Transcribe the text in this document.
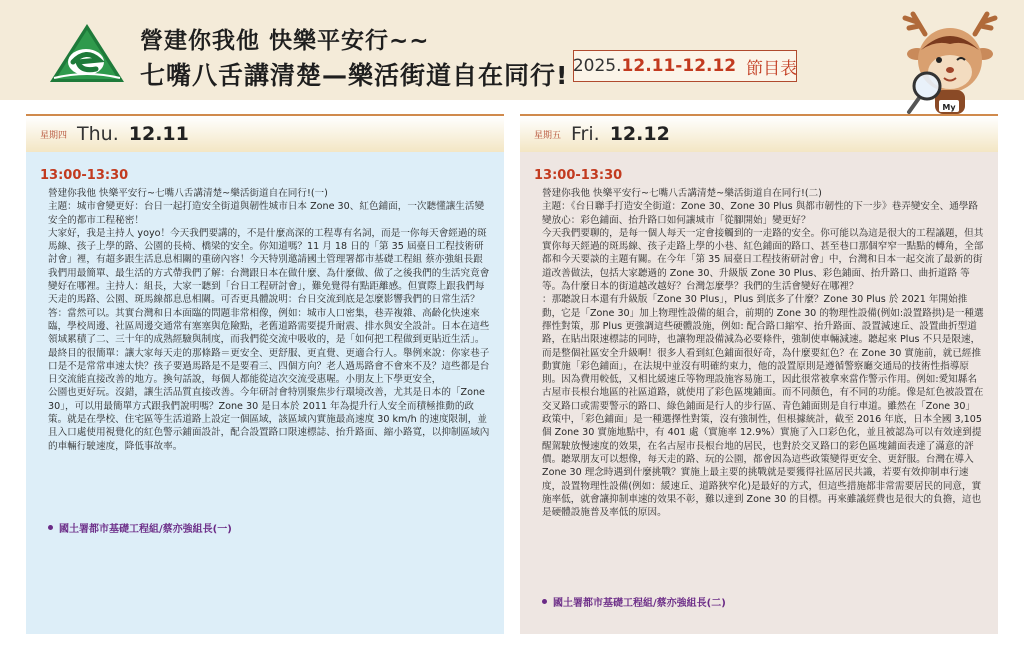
營建你我他 快樂平安行~~
七嘴八舌講清楚—樂活街道自在同行! 2025. 12.11-12.12 節目表
My
星期四 Thu. 12.11
13:00-13:30

營建你我他 快樂平安行~七嘴八舌講清楚~樂活街道自在同行!(一)

主題：城市會變更好：台日一起打造安全街道與韌性城市日本 Zone 30、紅色鋪面，一次聽懂讓生活變安全的都市工程秘密！

大家好，我是主持人 yoyo！今天我們要講的，不是什麼高深的工程專有名詞，而是一你每天會經過的斑馬線、孩子上學的路、公園的長椅、橋梁的安全。你知道嗎？11 月 18 日的「第 35 屆臺日工程技術研討會」裡，有超多跟生活息息相關的重磅內容！今天特別邀請國土管理署都市基礎工程組 蔡亦強組長跟我們用最簡單、最生活的方式帶我們了解：台灣跟日本在做什麼、為什麼做、做了之後我們的生活究竟會變好在哪裡。主持人：組長，大家一聽到「台日工程研討會」，難免覺得有點距離感。但實際上跟我們每天走的馬路、公園、斑馬線都息息相關。可否更具體說明：台日交流到底是怎麼影響我們的日常生活？

答：當然可以。其實台灣和日本面臨的問題非常相像，例如：城市人口密集，巷弄複雜、高齡化快速來臨，學校周邊、社區周邊交通常有塞塞與危險點，老舊道路需要提升耐震、排水與安全設計。日本在這些領域累積了二、三十年的成熟經驗與制度，而我們從交流中吸收的，是「如何把工程做到更貼近生活」。最終目的很簡單：讓大家每天走的那條路＝更安全、更舒服、更直覺、更適合行人。舉例來說：你家巷子口是不是常常車速太快？孩子要過馬路是不是要看三、四個方向？老人過馬路會不會來不及？這些都是台日交流能直接改善的地方。換句話說，每個人都能從這次交流受惠喔。小朋友上下學更安全，

公園也更好玩。沒錯，讓生活品質直接改善。今年研討會特別聚焦步行環境改善，尤其是日本的「Zone 30」，可以用最簡單方式跟我們說明嗎？Zone 30 是日本於 2011 年為提升行人安全而積極推動的政策。就是在學校、住宅區等生活道路上設定一個區域，該區域內實施最高速度 30 km/h 的速度限制，並且入口處使用視覺化的紅色警示鋪面設計，配合設置路口限速標誌、抬升路面、縮小路寬，以抑制區域內的車輛行駛速度，降低事故率。

國土署都市基礎工程組/蔡亦強組長(一)
星期五 Fri. 12.12
13:00-13:30

營建你我他 快樂平安行~七嘴八舌講清楚~樂活街道自在同行!(二)

主題：《台日聯手打造安全街道：Zone 30、Zone 30 Plus 與都市韌性的下一步》巷弄變安全、通學路變放心：彩色鋪面、抬升路口如何讓城市「從腳開始」變更好？

今天我們要聊的，是每一個人每天一定會接觸到的一走路的安全。你可能以為這是很大的工程議題，但其實你每天經過的斑馬線、孩子走路上學的小巷、紅色鋪面的路口、甚至巷口那個窄窄一點點的轉角，全部都和今天要談的主題有關。在今年「第 35 屆臺日工程技術研討會」中，台灣和日本一起交流了最新的街道改善做法，包括大家聽過的 Zone 30、升級版 Zone 30 Plus、彩色鋪面、抬升路口、曲折道路 等等。為什麼日本的街道越改越好？台灣怎麼學？我們的生活會變好在哪裡？

：那聽說日本還有升級版「Zone 30 Plus」，Plus 到底多了什麼？Zone 30 Plus 於 2021 年開始推動，它是「Zone 30」加上物理性設備的組合，前期的 Zone 30 的物理性設備(例如:設置路拱)是一種選擇性對策，那 Plus 更強調這些硬體設施，例如: 配合路口縮窄、抬升路面、設置減速丘、設置曲折型道路，在貼出限速標誌的同時，也讓物理設備減為必要條件，強制使車輛減速。聽起來 Plus 不只是限速，而是整個社區安全升級啊！很多人看到紅色鋪面很好奇，為什麼要紅色？在 Zone 30 實施前，就已經推動實施「彩色鋪面」，在法規中並沒有明確約束力，他的設置原則是遵循警察廳交通局的技術性指導原則。因為費用較低，又相比緩速丘等物理設施容易施工，因此很常被拿來當作警示作用。例如:愛知縣名古屋市長根台地區的社區道路，就使用了彩色區塊鋪面。而不同顏色，有不同的功能。像是紅色被設置在交叉路口或需要警示的路口、綠色鋪面是行人的步行區、青色鋪面則是自行車道。雖然在「Zone 30」政策中，「彩色鋪面」是一種選擇性對策，沒有強制性，但根據統計，截至 2016 年底，日本全國 3,105 個 Zone 30 實施地點中，有 401 處（實施率 12.9%）實施了入口彩色化，並且被認為可以有效達到提醒駕駛放慢速度的效果，在名古屋市長根台地的居民，也對於交叉路口的彩色區塊鋪面表達了滿意的評價。聽眾朋友可以想像，每天走的路、玩的公園，都會因為這些政策變得更安全、更舒服。台灣在導入 Zone 30 理念時遇到什麼挑戰？實施上最主要的挑戰就是要獲得社區居民共識，若要有效抑制車行速度，設置物理性設備(例如：緩速丘、道路狹窄化)是最好的方式，但這些措施都非常需要居民的同意，實施率低，就會讓抑制車速的效果不彰，難以達到 Zone 30 的目標。再來雖議經費也是很大的負擔，這也是硬體設施普及率低的原因。

國土署都市基礎工程組/蔡亦強組長(二)
